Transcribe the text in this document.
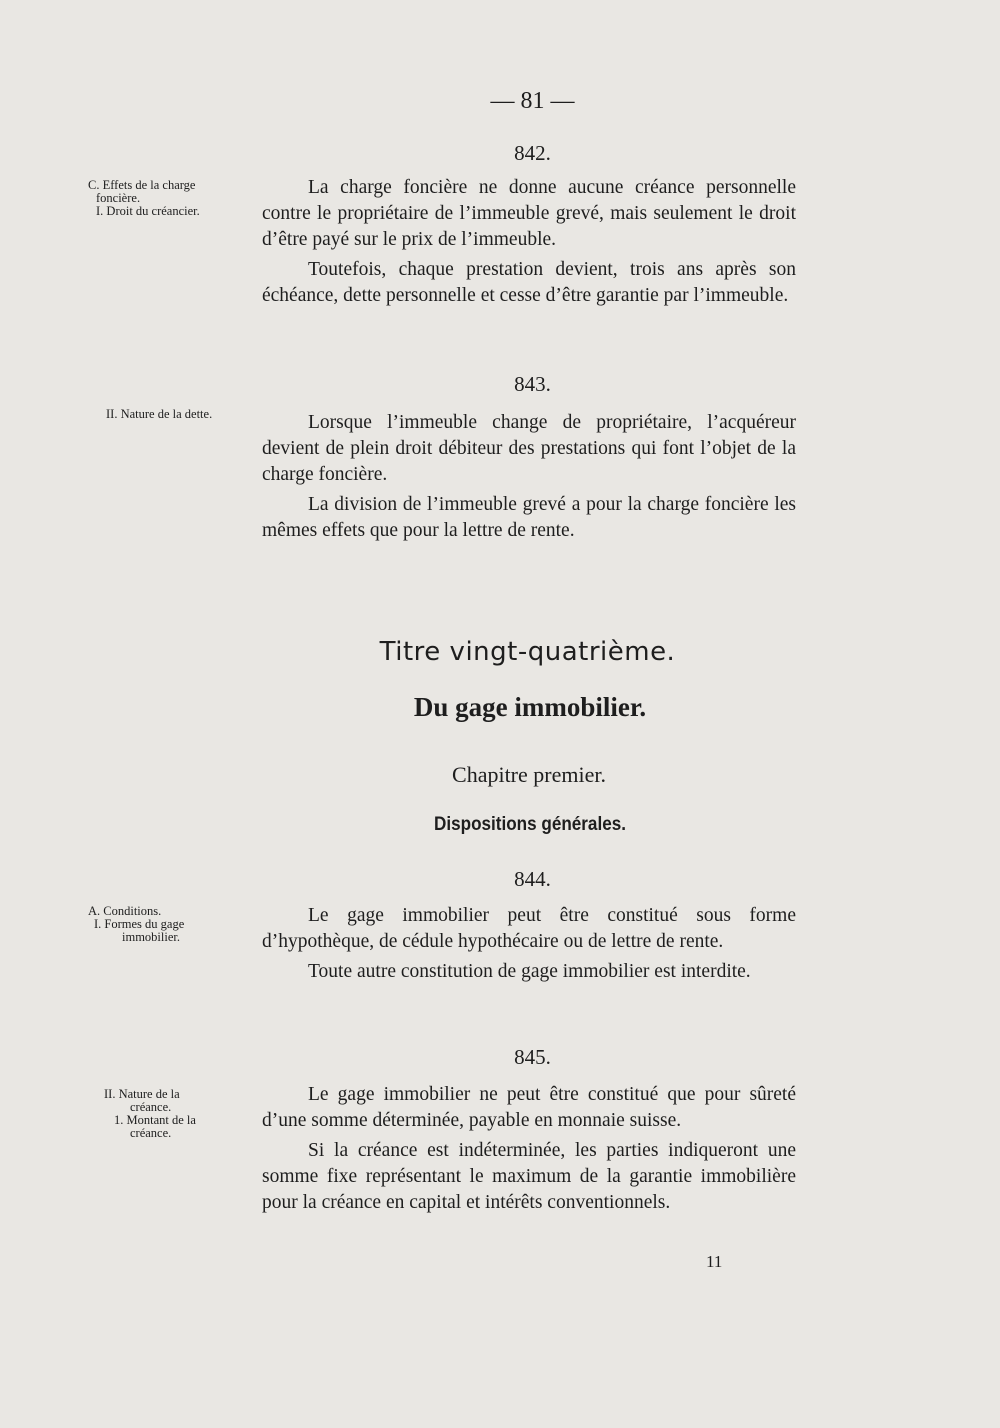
— 81 —
842.
C. Effets de la charge
foncière.
I. Droit du créancier.

La charge foncière ne donne aucune créance personnelle contre le propriétaire de l’immeuble grevé, mais seulement le droit d’être payé sur le prix de l’immeuble.

Toutefois, chaque prestation devient, trois ans après son échéance, dette personnelle et cesse d’être garantie par l’immeuble.

843.
II. Nature de la dette.	Lorsque l’immeuble change de propriétaire, l’acquéreur devient de plein droit débiteur des prestations qui font l’objet de la charge foncière.

La division de l’immeuble grevé a pour la charge foncière les mêmes effets que pour la lettre de rente.

Titre vingt-quatrième.
Du gage immobilier.
Chapitre premier.
Dispositions générales.
844.
A. Conditions.
I. Formes du gage
immobilier.

Le gage immobilier peut être constitué sous forme d’hypothèque, de cédule hypothécaire ou de lettre de rente.

Toute autre constitution de gage immobilier est interdite.

845.
II. Nature de la
créance.
1. Montant de la
créance.

Le gage immobilier ne peut être constitué que pour sûreté d’une somme déterminée, payable en monnaie suisse.

Si la créance est indéterminée, les parties indiqueront une somme fixe représentant le maximum de la garantie immobilière pour la créance en capital et intérêts conventionnels.

11
